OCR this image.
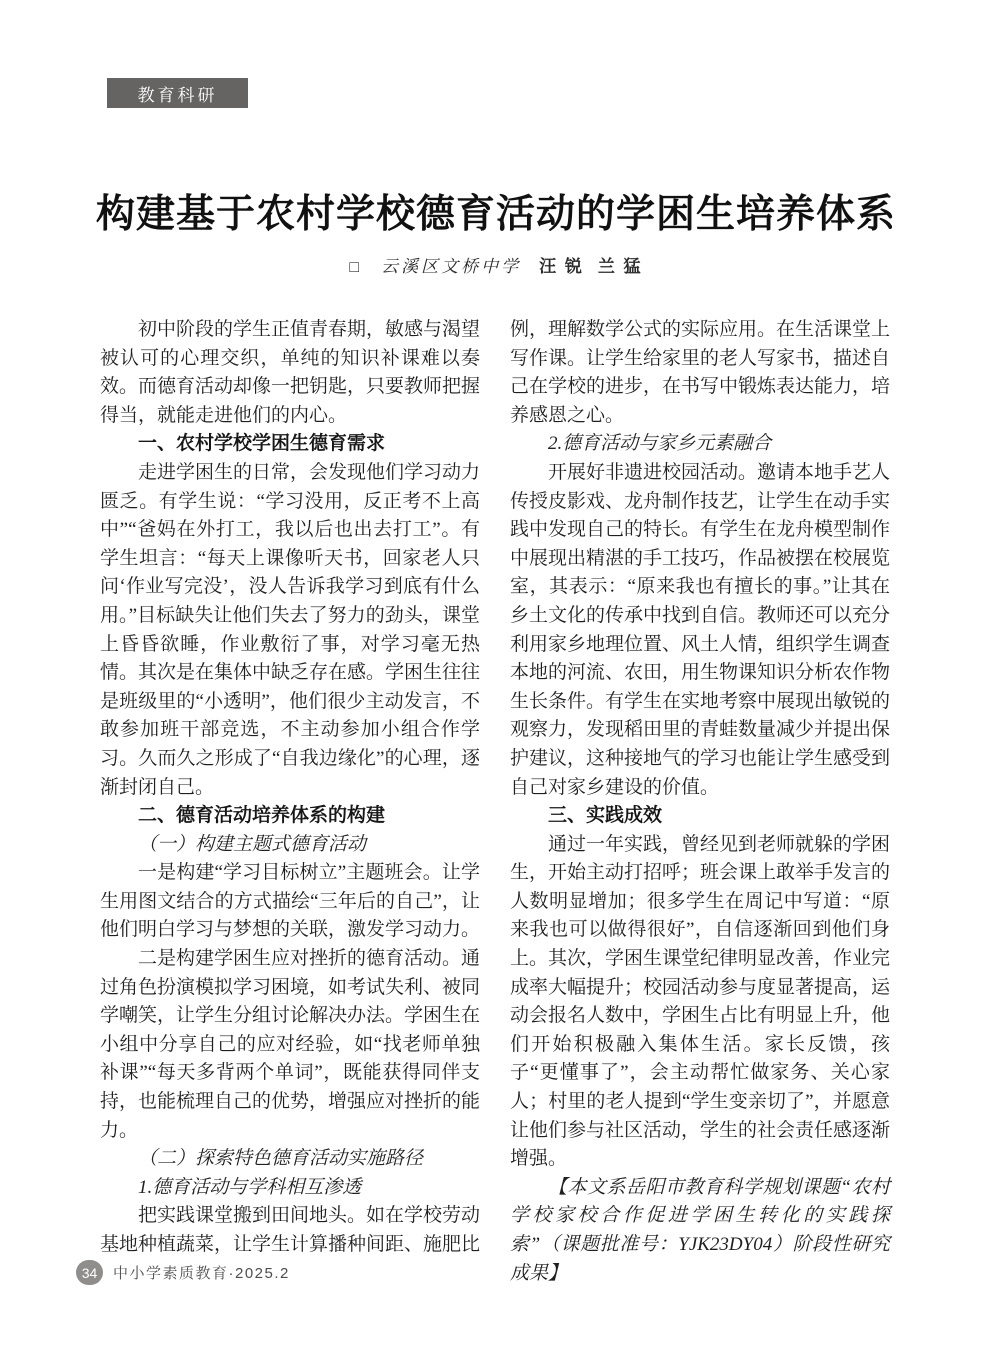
教育科研
构建基于农村学校德育活动的学困生培养体系
□ 云溪区文桥中学 汪 锐 兰 猛
初中阶段的学生正值青春期，敏感与渴望被认可的心理交织，单纯的知识补课难以奏效。而德育活动却像一把钥匙，只要教师把握得当，就能走进他们的内心。
一、农村学校学困生德育需求
走进学困生的日常，会发现他们学习动力匮乏。有学生说：“学习没用，反正考不上高中”“爸妈在外打工，我以后也出去打工”。有学生坦言：“每天上课像听天书，回家老人只问‘作业写完没’，没人告诉我学习到底有什么用。”目标缺失让他们失去了努力的劲头，课堂上昏昏欲睡，作业敷衍了事，对学习毫无热情。其次是在集体中缺乏存在感。学困生往往是班级里的“小透明”，他们很少主动发言，不敢参加班干部竞选，不主动参加小组合作学习。久而久之形成了“自我边缘化”的心理，逐渐封闭自己。
二、德育活动培养体系的构建
（一）构建主题式德育活动
一是构建“学习目标树立”主题班会。让学生用图文结合的方式描绘“三年后的自己”，让他们明白学习与梦想的关联，激发学习动力。
二是构建学困生应对挫折的德育活动。通过角色扮演模拟学习困境，如考试失利、被同学嘲笑，让学生分组讨论解决办法。学困生在小组中分享自己的应对经验，如“找老师单独补课”“每天多背两个单词”，既能获得同伴支持，也能梳理自己的优势，增强应对挫折的能力。
（二）探索特色德育活动实施路径
1.德育活动与学科相互渗透
把实践课堂搬到田间地头。如在学校劳动基地种植蔬菜，让学生计算播种间距、施肥比
例，理解数学公式的实际应用。在生活课堂上写作课。让学生给家里的老人写家书，描述自己在学校的进步，在书写中锻炼表达能力，培养感恩之心。
2.德育活动与家乡元素融合
开展好非遗进校园活动。邀请本地手艺人传授皮影戏、龙舟制作技艺，让学生在动手实践中发现自己的特长。有学生在龙舟模型制作中展现出精湛的手工技巧，作品被摆在校展览室，其表示：“原来我也有擅长的事。”让其在乡土文化的传承中找到自信。教师还可以充分利用家乡地理位置、风土人情，组织学生调查本地的河流、农田，用生物课知识分析农作物生长条件。有学生在实地考察中展现出敏锐的观察力，发现稻田里的青蛙数量减少并提出保护建议，这种接地气的学习也能让学生感受到自己对家乡建设的价值。
三、实践成效
通过一年实践，曾经见到老师就躲的学困生，开始主动打招呼；班会课上敢举手发言的人数明显增加；很多学生在周记中写道：“原来我也可以做得很好”，自信逐渐回到他们身上。其次，学困生课堂纪律明显改善，作业完成率大幅提升；校园活动参与度显著提高，运动会报名人数中，学困生占比有明显上升，他们开始积极融入集体生活。家长反馈，孩子“更懂事了”，会主动帮忙做家务、关心家人；村里的老人提到“学生变亲切了”，并愿意让他们参与社区活动，学生的社会责任感逐渐增强。
【本文系岳阳市教育科学规划课题“农村学校家校合作促进学困生转化的实践探索”（课题批准号：YJK23DY04）阶段性研究成果】
34	中小学素质教育·2025.2
